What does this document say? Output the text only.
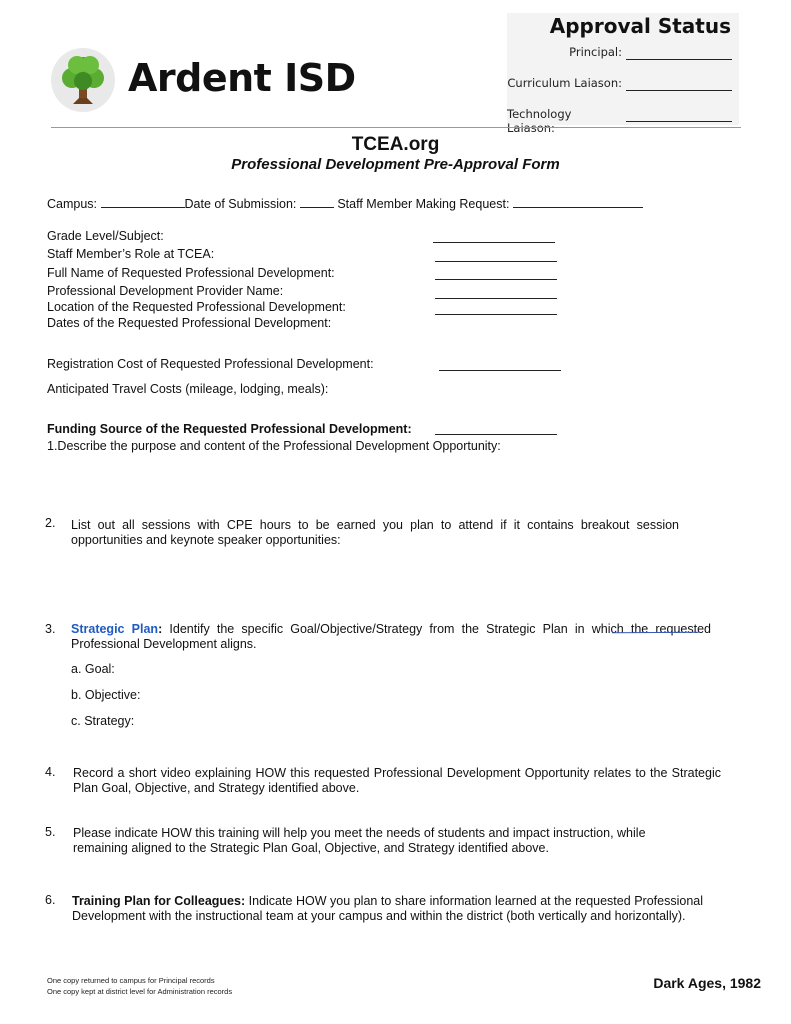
Ardent ISD
Approval Status
Principal:
Curriculum Laiason:
Technology Laiason:
TCEA.org
Professional Development Pre-Approval Form
Campus:	Date of Submission:	Staff Member Making Request:
Grade Level/Subject:
Staff Member’s Role at TCEA:
Full Name of Requested Professional Development:
Professional Development Provider Name:
Location of the Requested Professional Development:
Dates of the Requested Professional Development:
Registration Cost of Requested Professional Development:
Anticipated Travel Costs (mileage, lodging, meals):
Funding Source of the Requested Professional Development:
1.Describe the purpose and content of the Professional Development Opportunity:
2. List out all sessions with CPE hours to be earned you plan to attend if it contains breakout session opportunities and keynote speaker opportunities:
3. Strategic Plan: Identify the specific Goal/Objective/Strategy from the Strategic Plan in which the requested Professional Development aligns.
a. Goal:
b. Objective:
c. Strategy:
4. Record a short video explaining HOW this requested Professional Development Opportunity relates to the Strategic Plan Goal, Objective, and Strategy identified above.
5. Please indicate HOW this training will help you meet the needs of students and impact instruction, while remaining aligned to the Strategic Plan Goal, Objective, and Strategy identified above.
6. Training Plan for Colleagues: Indicate HOW you plan to share information learned at the requested Professional Development with the instructional team at your campus and within the district (both vertically and horizontally).
One copy returned to campus for Principal records
One copy kept at district level for Administration records
Dark Ages, 1982
